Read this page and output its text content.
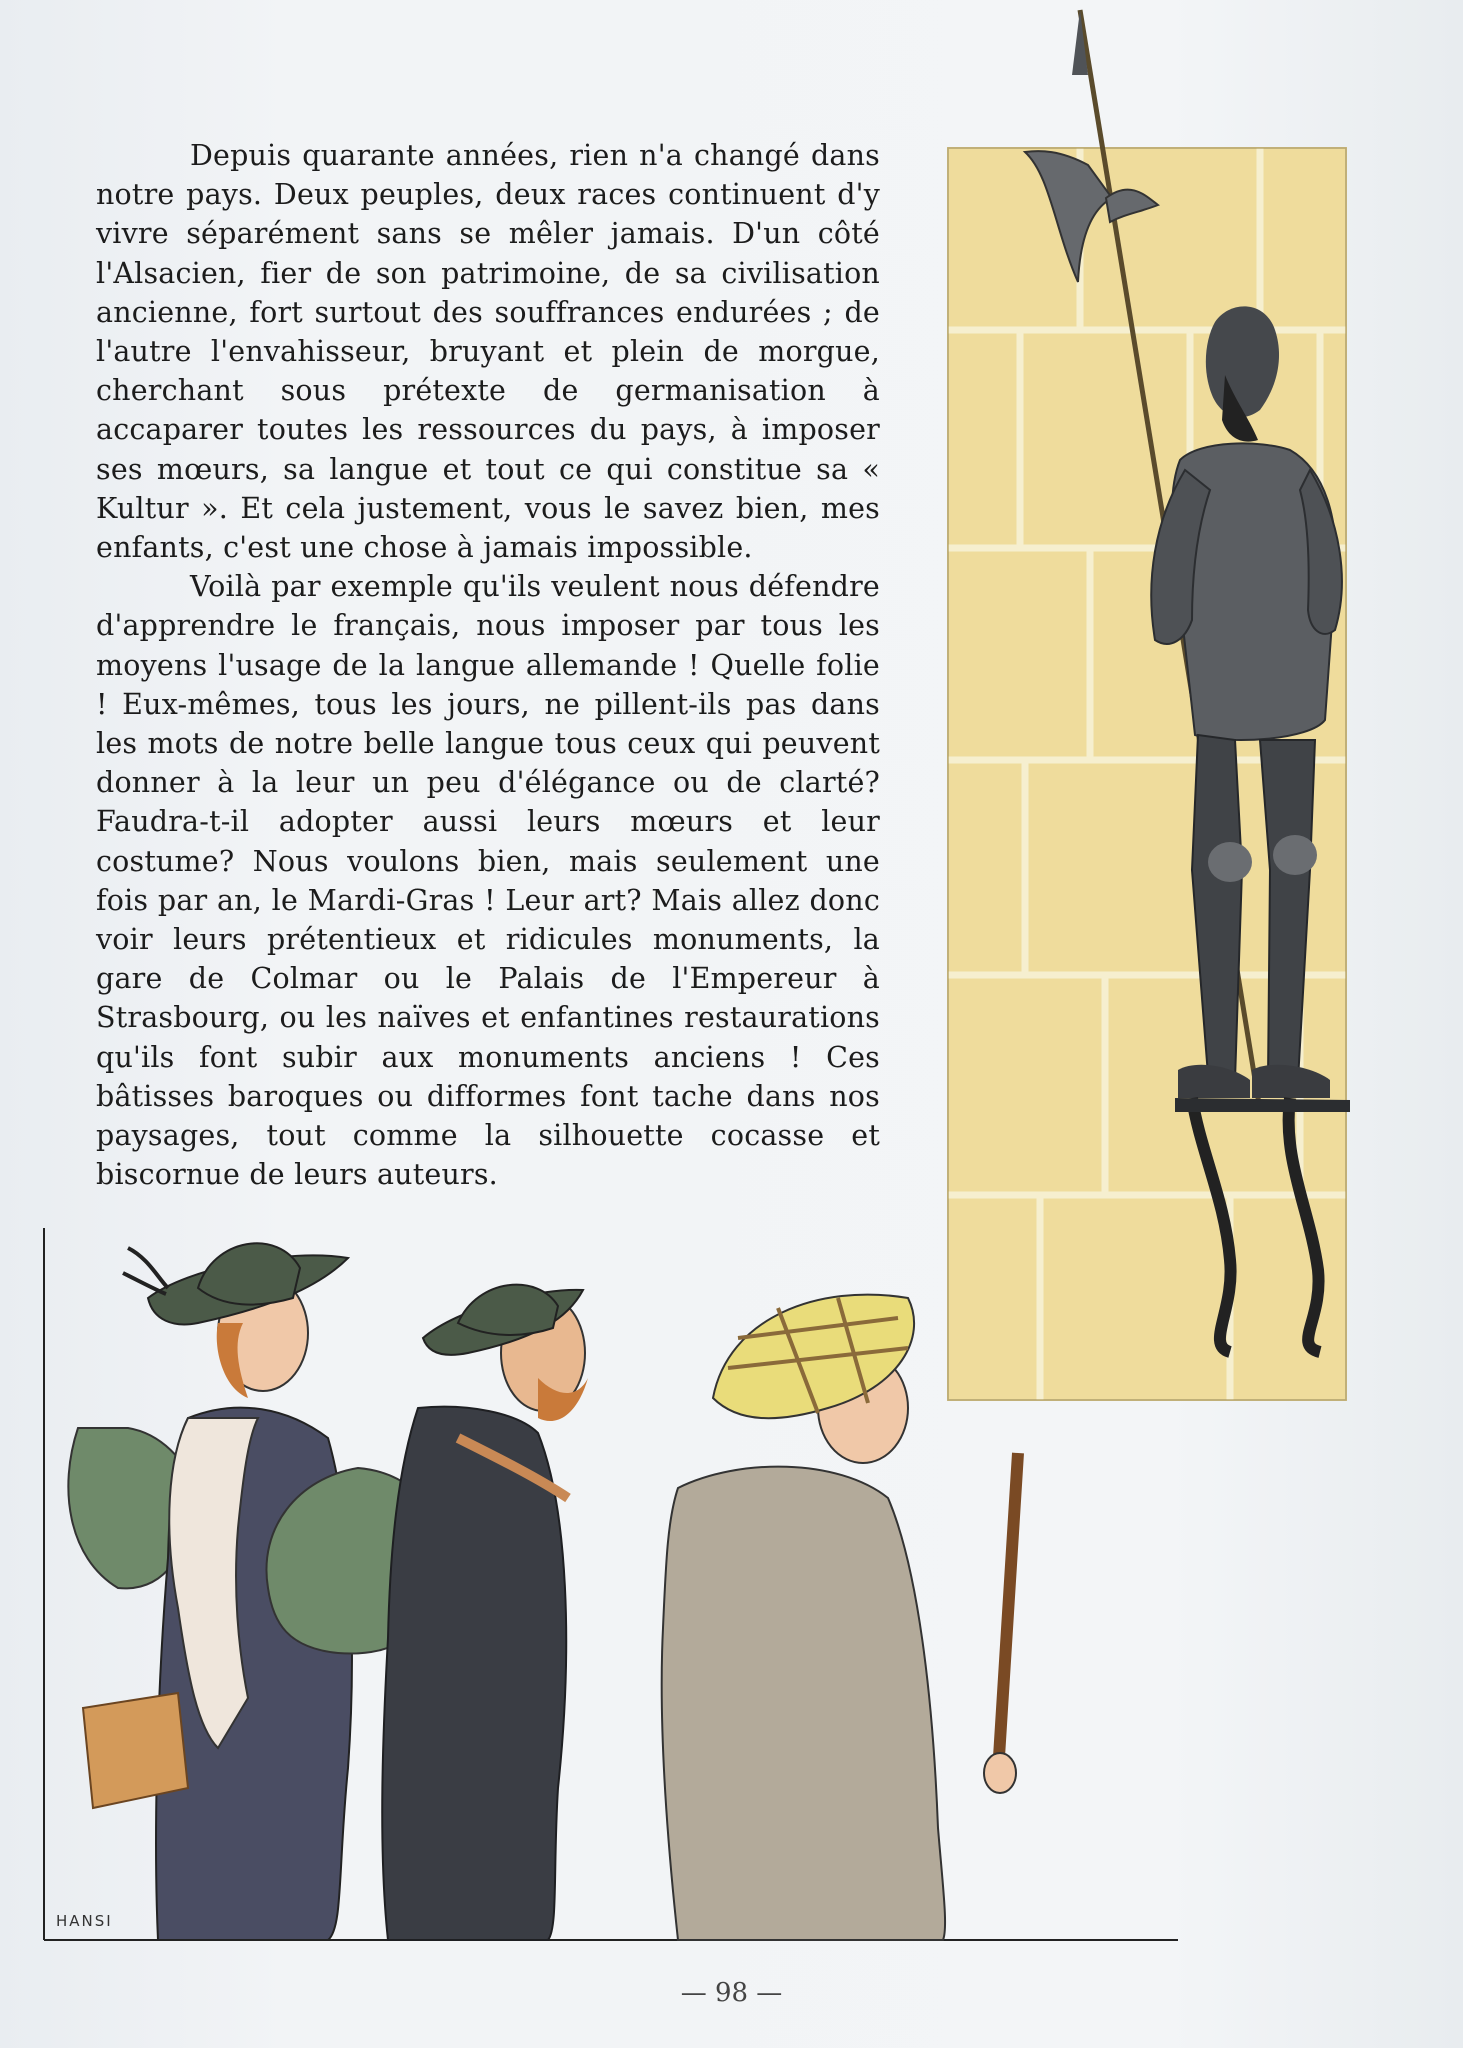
Depuis quarante années, rien n'a changé dans notre pays. Deux peuples, deux races continuent d'y vivre séparément sans se mêler jamais. D'un côté l'Alsacien, fier de son patrimoine, de sa civilisation ancienne, fort surtout des souffrances endurées ; de l'autre l'envahisseur, bruyant et plein de morgue, cherchant sous prétexte de germanisation à accaparer toutes les ressources du pays, à imposer ses mœurs, sa langue et tout ce qui constitue sa « Kultur ». Et cela justement, vous le savez bien, mes enfants, c'est une chose à jamais impossible.

Voilà par exemple qu'ils veulent nous défendre d'apprendre le français, nous imposer par tous les moyens l'usage de la langue allemande ! Quelle folie ! Eux-mêmes, tous les jours, ne pillent-ils pas dans les mots de notre belle langue tous ceux qui peuvent donner à la leur un peu d'élégance ou de clarté? Faudra-t-il adopter aussi leurs mœurs et leur costume? Nous voulons bien, mais seulement une fois par an, le Mardi-Gras ! Leur art? Mais allez donc voir leurs prétentieux et ridicules monuments, la gare de Colmar ou le Palais de l'Empereur à Strasbourg, ou les naïves et enfantines restaurations qu'ils font subir aux monuments anciens ! Ces bâtisses baroques ou difformes font tache dans nos paysages, tout comme la silhouette cocasse et biscornue de leurs auteurs.

HANSI
— 98 —
